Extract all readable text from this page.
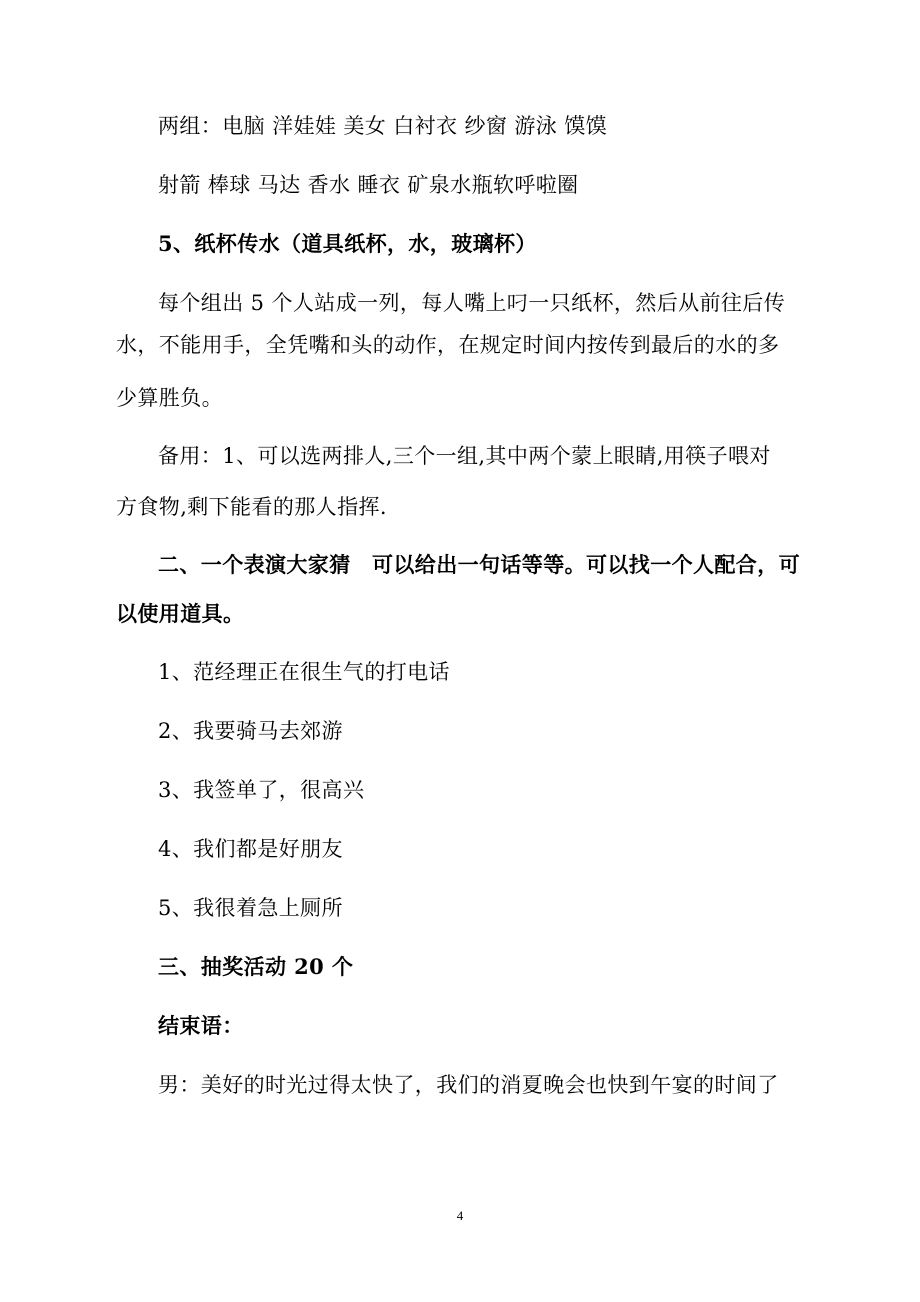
两组：电脑 洋娃娃 美女 白衬衣 纱窗 游泳 馍馍
射箭 棒球 马达 香水 睡衣 矿泉水瓶软呼啦圈
5、纸杯传水（道具纸杯，水，玻璃杯）
每个组出 5 个人站成一列，每人嘴上叼一只纸杯，然后从前往后传
水，不能用手，全凭嘴和头的动作，在规定时间内按传到最后的水的多
少算胜负。
备用：1、可以选两排人,三个一组,其中两个蒙上眼睛,用筷子喂对
方食物,剩下能看的那人指挥.
二、一个表演大家猜　可以给出一句话等等。可以找一个人配合，可
以使用道具。
1、范经理正在很生气的打电话
2、我要骑马去郊游
3、我签单了，很高兴
4、我们都是好朋友
5、我很着急上厕所
三、抽奖活动 20 个
结束语：
男：美好的时光过得太快了，我们的消夏晚会也快到午宴的时间了
4
